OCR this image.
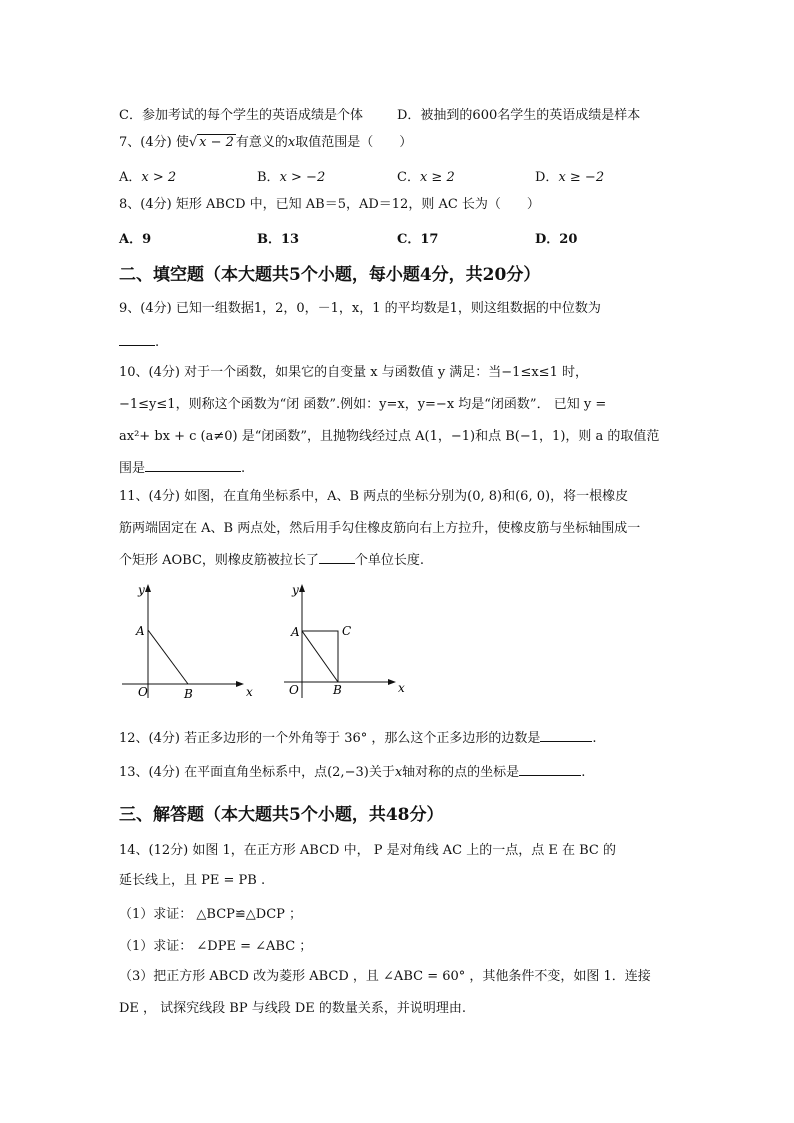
C．参加考试的每个学生的英语成绩是个体	D．被抽到的600名学生的英语成绩是样本
7、(4分) 使√ x − 2 有意义的x取值范围是（　　）
A．x > 2	B．x > −2	C．x ≥ 2	D．x ≥ −2
8、(4分) 矩形 ABCD 中，已知 AB＝5，AD＝12，则 AC 长为（　　）
A．9	B．13	C．17	D．20
二、填空题（本大题共5个小题，每小题4分，共20分）
9、(4分) 已知一组数据1，2，0，－1，x，1 的平均数是1，则这组数据的中位数为
.
10、(4分) 对于一个函数，如果它的自变量 x 与函数值 y 满足：当−1≤x≤1 时，
−1≤y≤1，则称这个函数为“闭 函数”.例如：y=x，y=−x 均是“闭函数”． 已知 y =
ax²+ bx + c (a≠0) 是“闭函数”，且抛物线经过点 A(1，−1)和点 B(−1，1)，则 a 的取值范
围是	.
11、(4分) 如图，在直角坐标系中，A、B 两点的坐标分别为(0, 8)和(6, 0)，将一根橡皮
筋两端固定在 A、B 两点处，然后用手勾住橡皮筋向右上方拉升，使橡皮筋与坐标轴围成一
个矩形 AOBC，则橡皮筋被拉长了	个单位长度.
y
x
A
O	B
y
x
A	C
O	B
12、(4分) 若正多边形的一个外角等于 36° ，那么这个正多边形的边数是	.
13、(4分) 在平面直角坐标系中，点(2,−3)关于x轴对称的点的坐标是	.
三、解答题（本大题共5个小题，共48分）
14、(12分) 如图 1，在正方形 ABCD 中， P 是对角线 AC 上的一点，点 E 在 BC 的
延长线上，且 PE = PB .
（1）求证： △BCP≌△DCP ；
（1）求证： ∠DPE = ∠ABC ；
（3）把正方形 ABCD 改为菱形 ABCD ，且 ∠ABC = 60° ，其他条件不变，如图 1．连接
DE ， 试探究线段 BP 与线段 DE 的数量关系，并说明理由.
